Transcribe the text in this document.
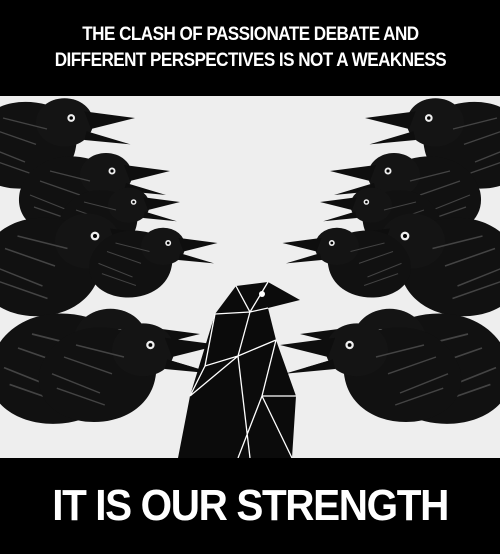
THE CLASH OF PASSIONATE DEBATE AND
DIFFERENT PERSPECTIVES IS NOT A WEAKNESS
IT IS OUR STRENGTH
